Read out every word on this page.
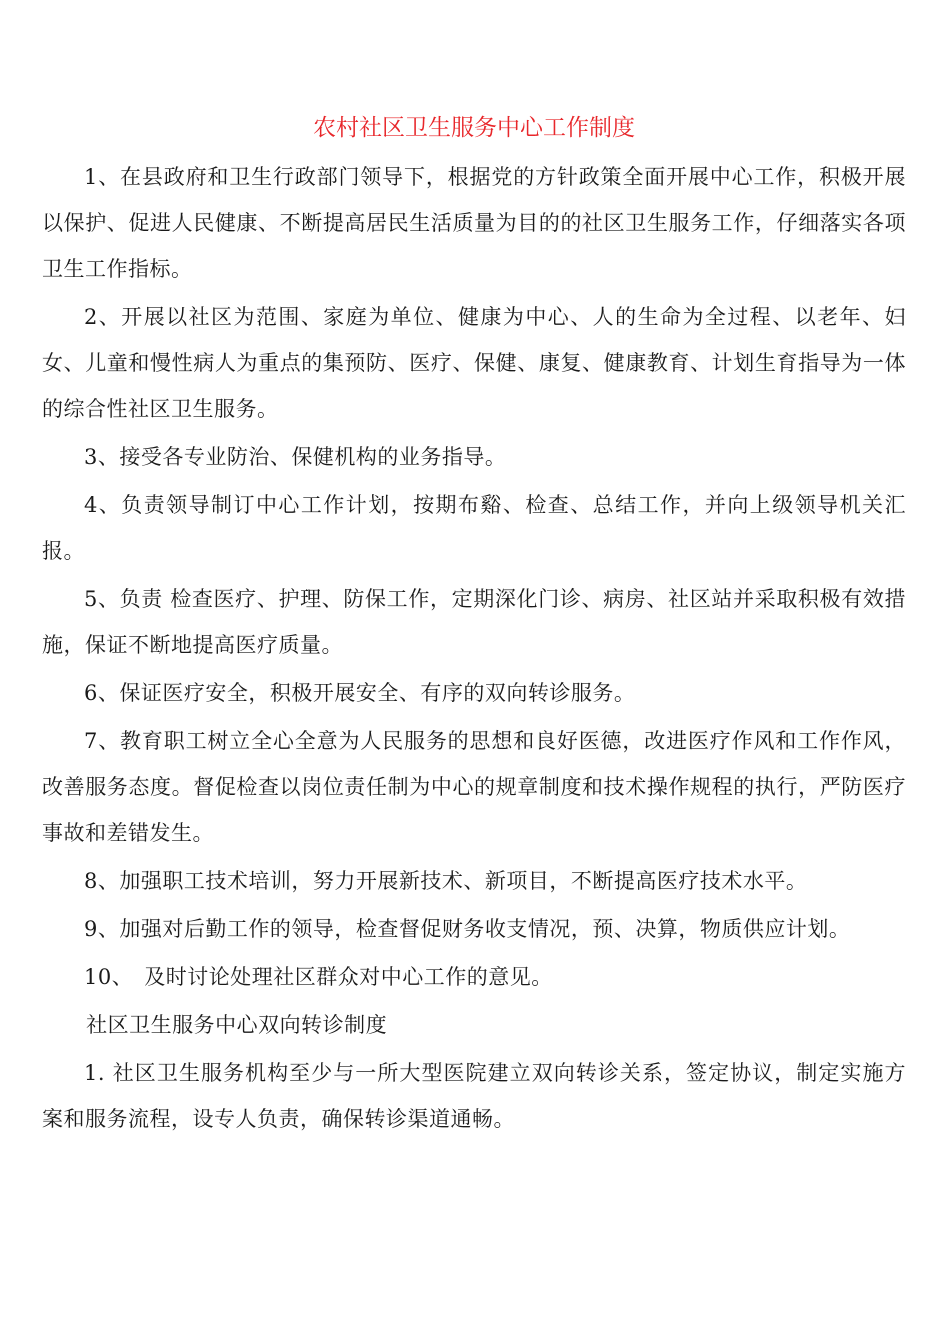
农村社区卫生服务中心工作制度

1、在县政府和卫生行政部门领导下，根据党的方针政策全面开展中心工作，积极开展以保护、促进人民健康、不断提高居民生活质量为目的的社区卫生服务工作，仔细落实各项卫生工作指标。

2、开展以社区为范围、家庭为单位、健康为中心、人的生命为全过程、以老年、妇女、儿童和慢性病人为重点的集预防、医疗、保健、康复、健康教育、计划生育指导为一体的综合性社区卫生服务。

3、接受各专业防治、保健机构的业务指导。

4、负责领导制订中心工作计划，按期布谿、检查、总结工作，并向上级领导机关汇报。

5、负责 检查医疗、护理、防保工作，定期深化门诊、病房、社区站并采取积极有效措施，保证不断地提高医疗质量。

6、保证医疗安全，积极开展安全、有序的双向转诊服务。

7、教育职工树立全心全意为人民服务的思想和良好医德，改进医疗作风和工作作风，改善服务态度。督促检查以岗位责任制为中心的规章制度和技术操作规程的执行，严防医疗事故和差错发生。

8、加强职工技术培训，努力开展新技术、新项目，不断提高医疗技术水平。

9、加强对后勤工作的领导，检查督促财务收支情况，预、决算，物质供应计划。

10、　及时讨论处理社区群众对中心工作的意见。

社区卫生服务中心双向转诊制度

1. 社区卫生服务机构至少与一所大型医院建立双向转诊关系，签定协议，制定实施方案和服务流程，设专人负责，确保转诊渠道通畅。
